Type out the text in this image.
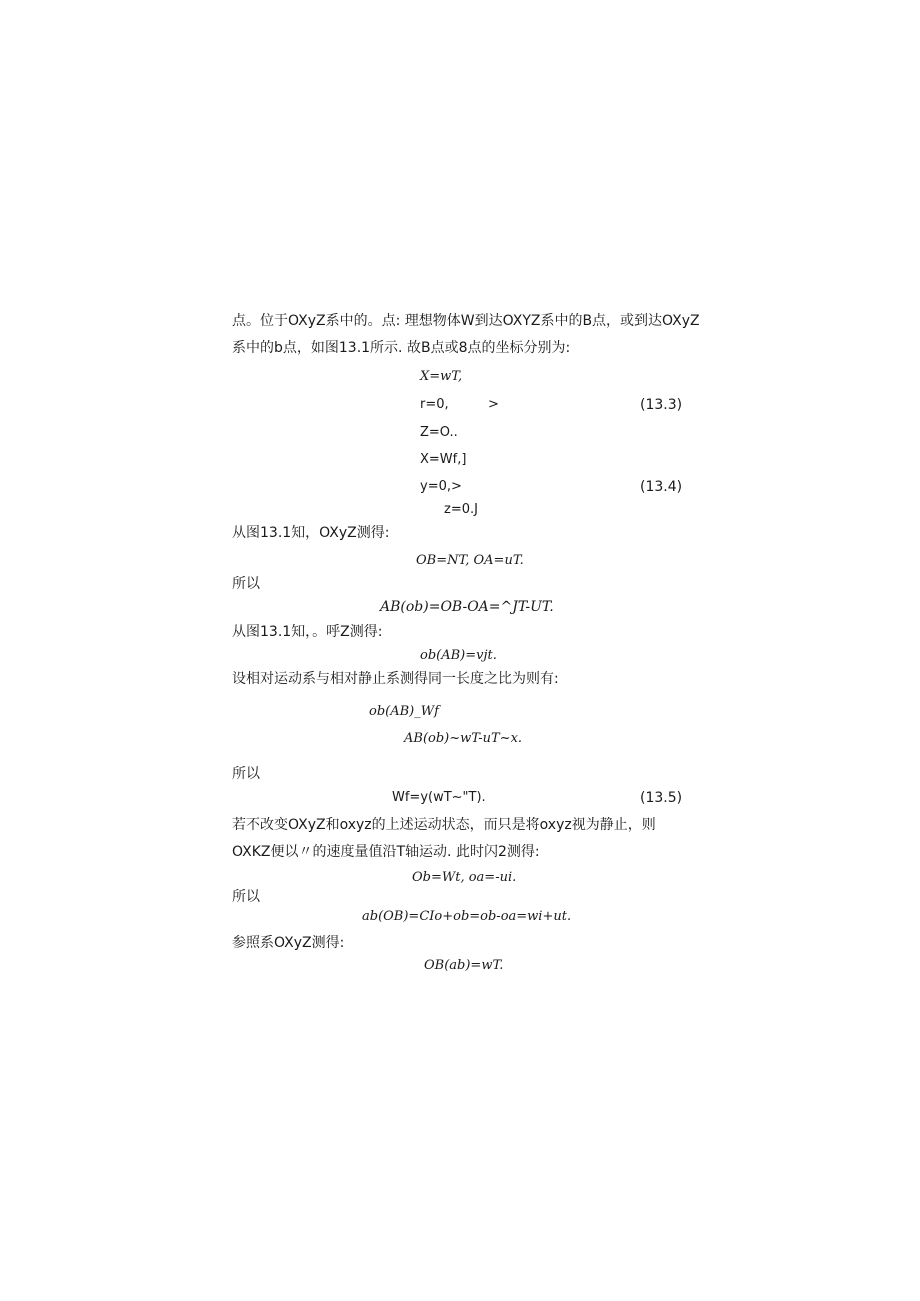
点。位于OXyZ系中的。点: 理想物体W到达OXYZ系中的B点，或到达OXyZ
系中的b点，如图13.1所示. 故B点或8点的坐标分别为:
X=wT,
r=0,	>	(13.3)
Z=O..
X=Wf,]
y=0,>	(13.4)
z=0.J
从图13.1知，OXyZ测得:
OB=NT, OA=uT.
所以
AB(ob)=OB-OA=^JT-UT.
从图13.1知，。呼Z测得:
ob(AB)=vjt.
设相对运动系与相对静止系测得同一长度之比为则有:
ob(AB)_Wf
AB(ob)~wT-uT~x.
所以
Wf=y(wT~"T).	(13.5)
若不改变OXyZ和oxyz的上述运动状态，而只是将oxyz视为静止，则
OXKZ便以〃的速度量值沿T轴运动. 此时闪2测得:
Ob=Wt, oa=-ui.
所以
ab(OB)=CIo+ob=ob-oa=wi+ut.
参照系OXyZ测得:
OB(ab)=wT.
